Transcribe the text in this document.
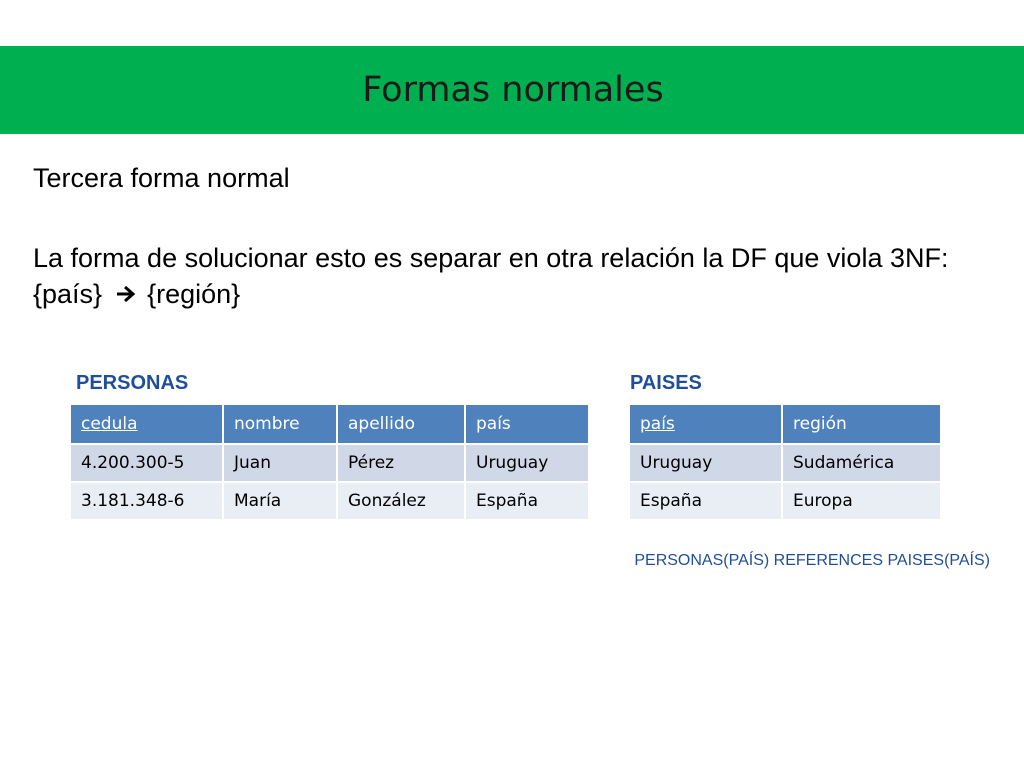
Formas normales

Tercera forma normal

La forma de solucionar esto es separar en otra relación la DF que viola 3NF: {país} {región}

PERSONAS
cedula	nombre	apellido	país
4.200.300-5	Juan	Pérez	Uruguay
3.181.348-6	María	González	España
PAISES
país	región
Uruguay	Sudamérica
España	Europa
PERSONAS(PAÍS) REFERENCES PAISES(PAÍS)
